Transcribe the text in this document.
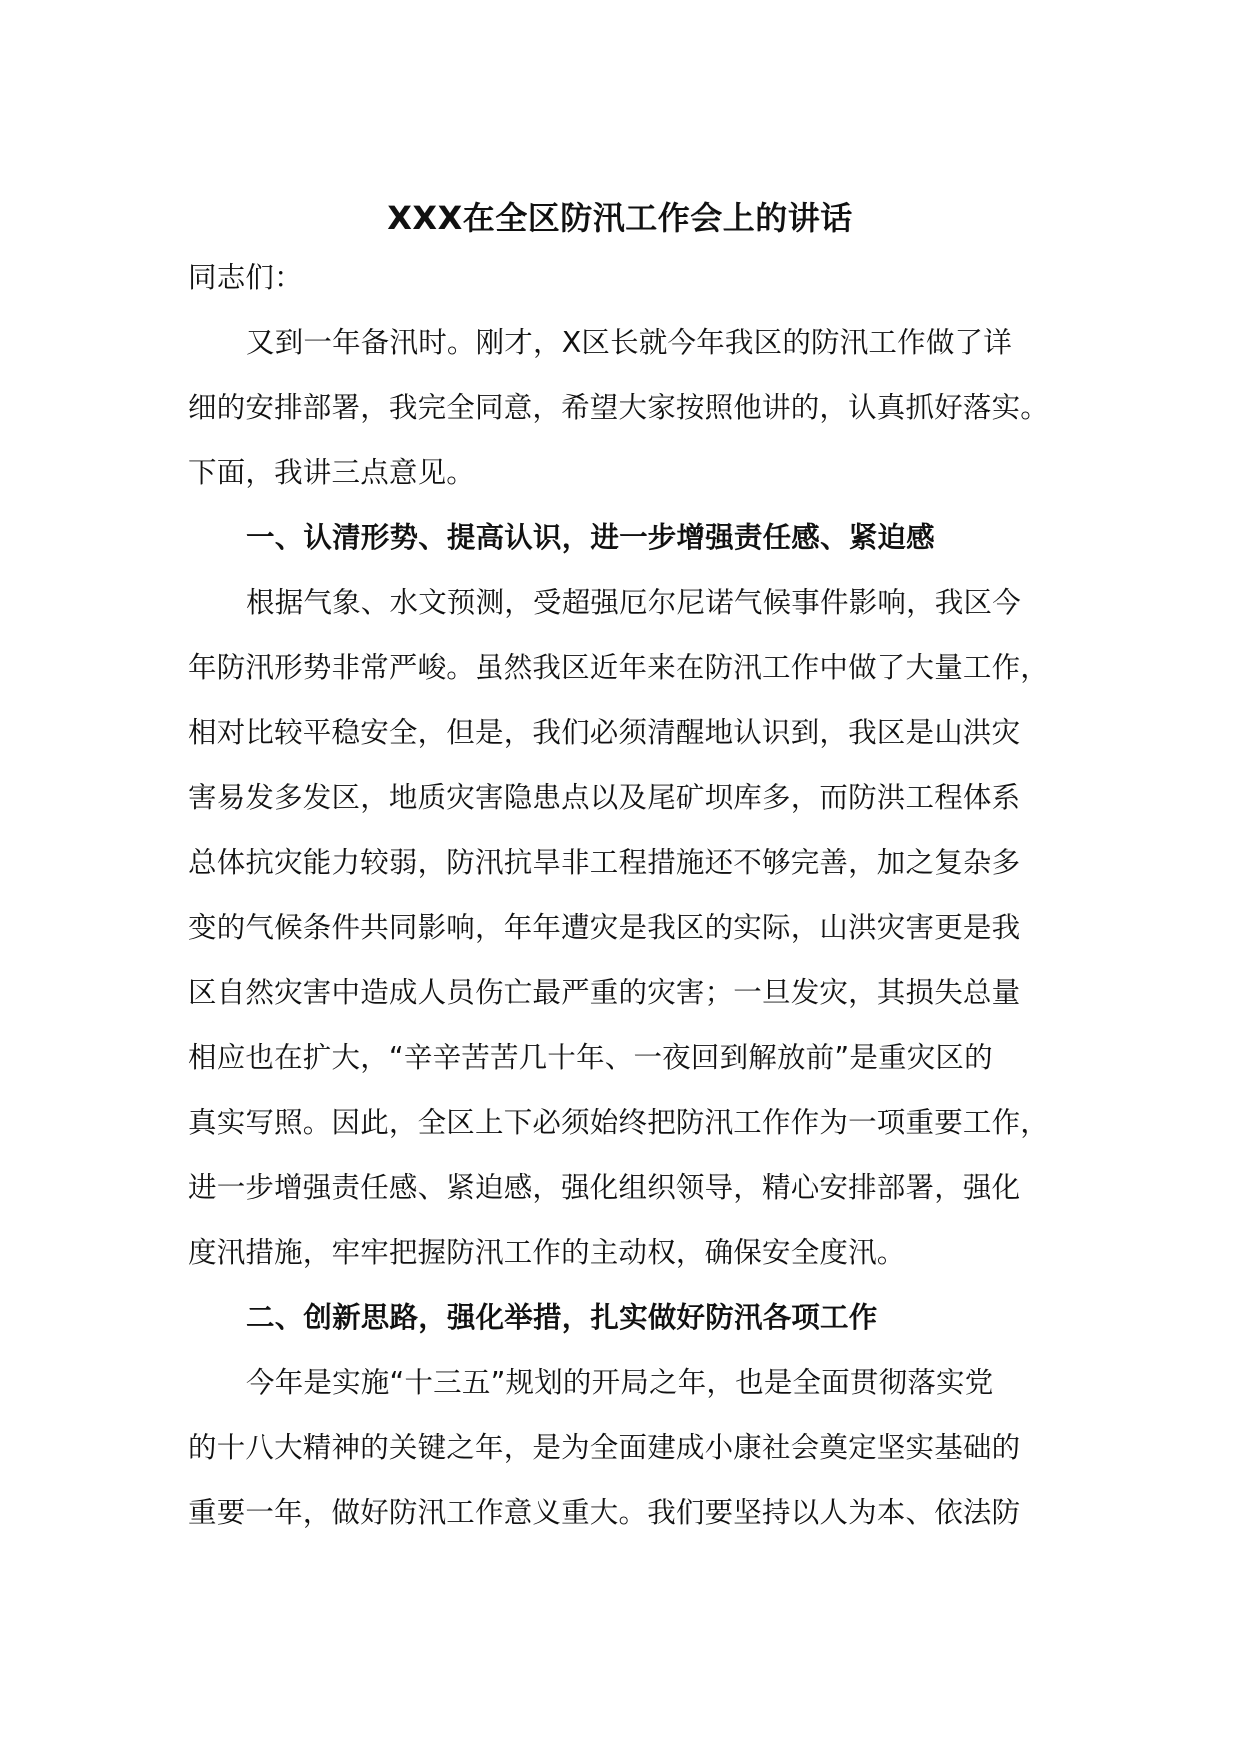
XXX在全区防汛工作会上的讲话
同志们：
又到一年备汛时。刚才，X区长就今年我区的防汛工作做了详
细的安排部署，我完全同意，希望大家按照他讲的，认真抓好落实。
下面，我讲三点意见。
一、认清形势、提高认识，进一步增强责任感、紧迫感
根据气象、水文预测，受超强厄尔尼诺气候事件影响，我区今
年防汛形势非常严峻。虽然我区近年来在防汛工作中做了大量工作，
相对比较平稳安全，但是，我们必须清醒地认识到，我区是山洪灾
害易发多发区，地质灾害隐患点以及尾矿坝库多，而防洪工程体系
总体抗灾能力较弱，防汛抗旱非工程措施还不够完善，加之复杂多
变的气候条件共同影响，年年遭灾是我区的实际，山洪灾害更是我
区自然灾害中造成人员伤亡最严重的灾害；一旦发灾，其损失总量
相应也在扩大，“辛辛苦苦几十年、一夜回到解放前”是重灾区的
真实写照。因此，全区上下必须始终把防汛工作作为一项重要工作，
进一步增强责任感、紧迫感，强化组织领导，精心安排部署，强化
度汛措施，牢牢把握防汛工作的主动权，确保安全度汛。
二、创新思路，强化举措，扎实做好防汛各项工作
今年是实施“十三五”规划的开局之年，也是全面贯彻落实党
的十八大精神的关键之年，是为全面建成小康社会奠定坚实基础的
重要一年，做好防汛工作意义重大。我们要坚持以人为本、依法防
